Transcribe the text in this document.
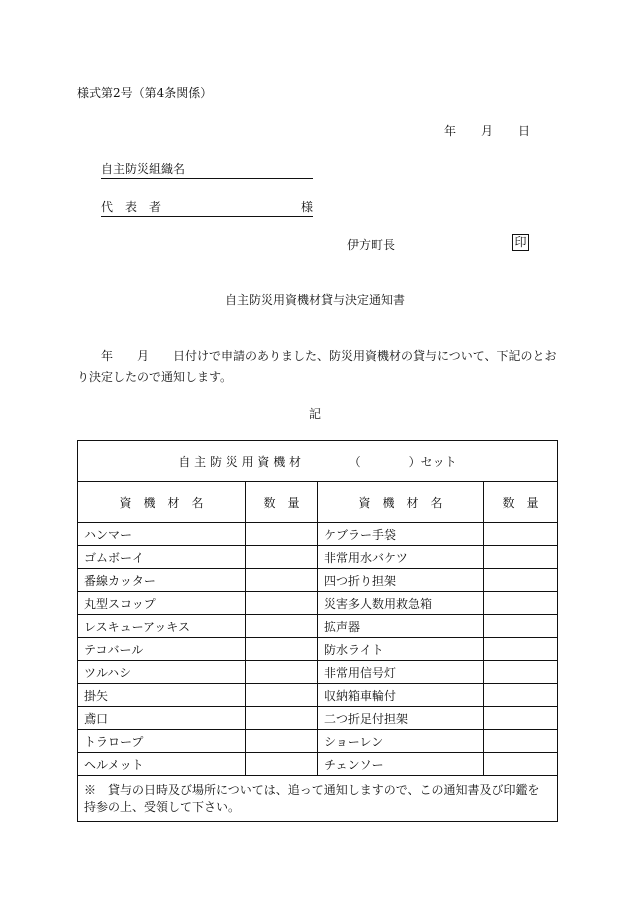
様式第2号（第4条関係）
年 月 日
自主防災組織名
代　表　者	様
伊方町長	印
自主防災用資機材貸与決定通知書
　　年　　月　　日付けで申請のありました、防災用資機材の貸与について、下記のとおり決定したので通知します。
記
自 主 防 災 用 資 機 材 （　　　　）セット			
資　機　材　名	数　量	資　機　材　名	数　量
ハンマー		ケブラー手袋	
ゴムボーイ		非常用水バケツ	
番線カッター		四つ折り担架	
丸型スコップ		災害多人数用救急箱	
レスキューアッキス		拡声器	
テコバール		防水ライト	
ツルハシ		非常用信号灯	
掛矢		収納箱車輪付	
鳶口		二つ折足付担架	
トラロープ		ショーレン	
ヘルメット		チェンソー	
※　貸与の日時及び場所については、追って通知しますので、この通知書及び印鑑を持参の上、受領して下さい。			
